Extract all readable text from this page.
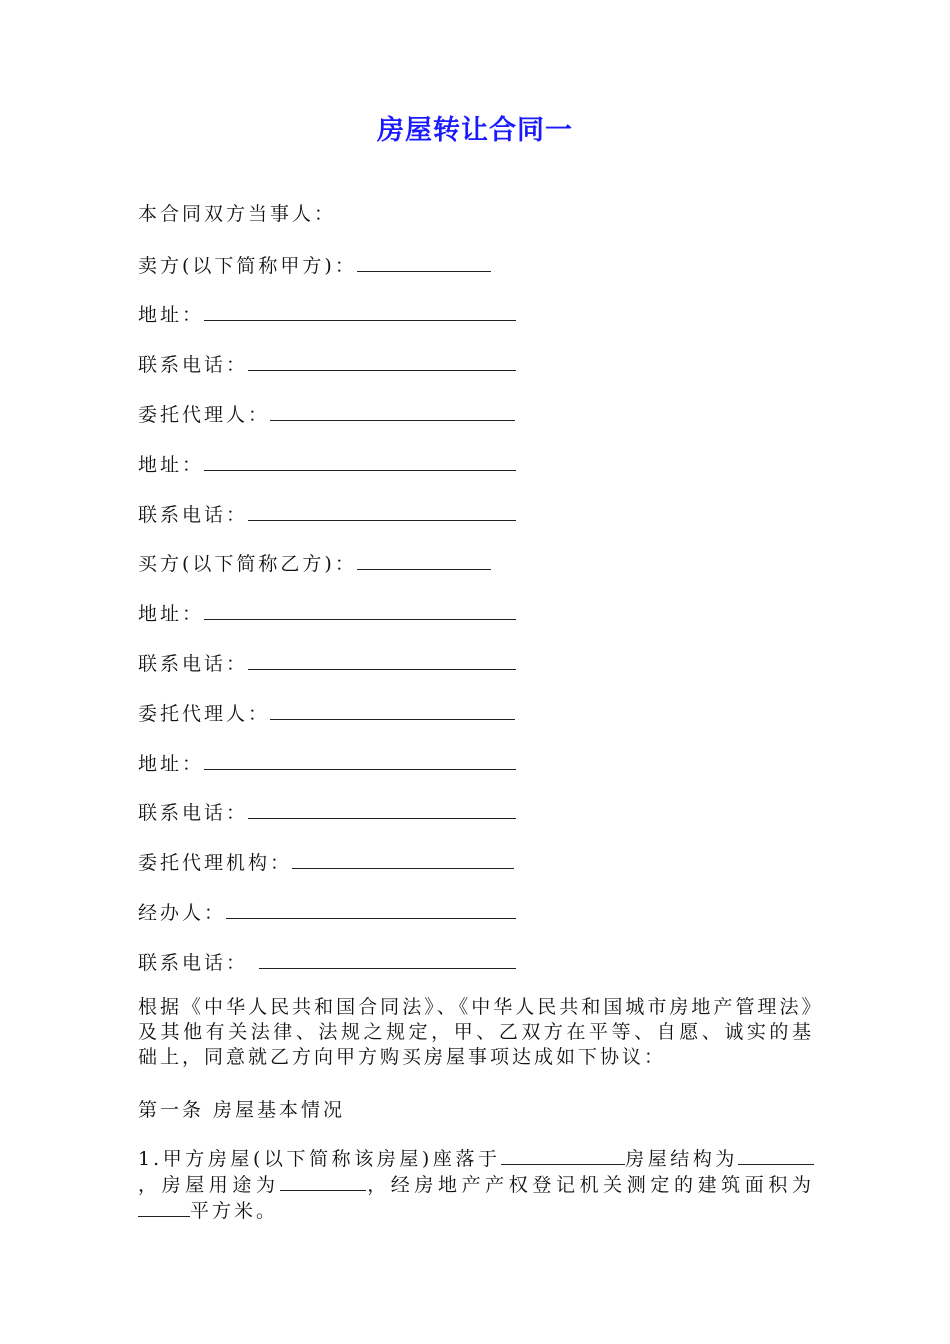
房屋转让合同一
本合同双方当事人：
卖方(以下简称甲方)：
地址：
联系电话：
委托代理人：
地址：
联系电话：
买方(以下简称乙方)：
地址：
联系电话：
委托代理人：
地址：
联系电话：
委托代理机构：
经办人：
联系电话：
根据《中华人民共和国合同法》、《中华人民共和国城市房地产管理法》及其他有关法律、法规之规定，甲、乙双方在平等、自愿、诚实的基础上，同意就乙方向甲方购买房屋事项达成如下协议：
第一条 房屋基本情况
1.甲方房屋(以下简称该房屋)座落于	房屋结构为，房屋用途为	，经房地产产权登记机关测定的建筑面积为平方米。
